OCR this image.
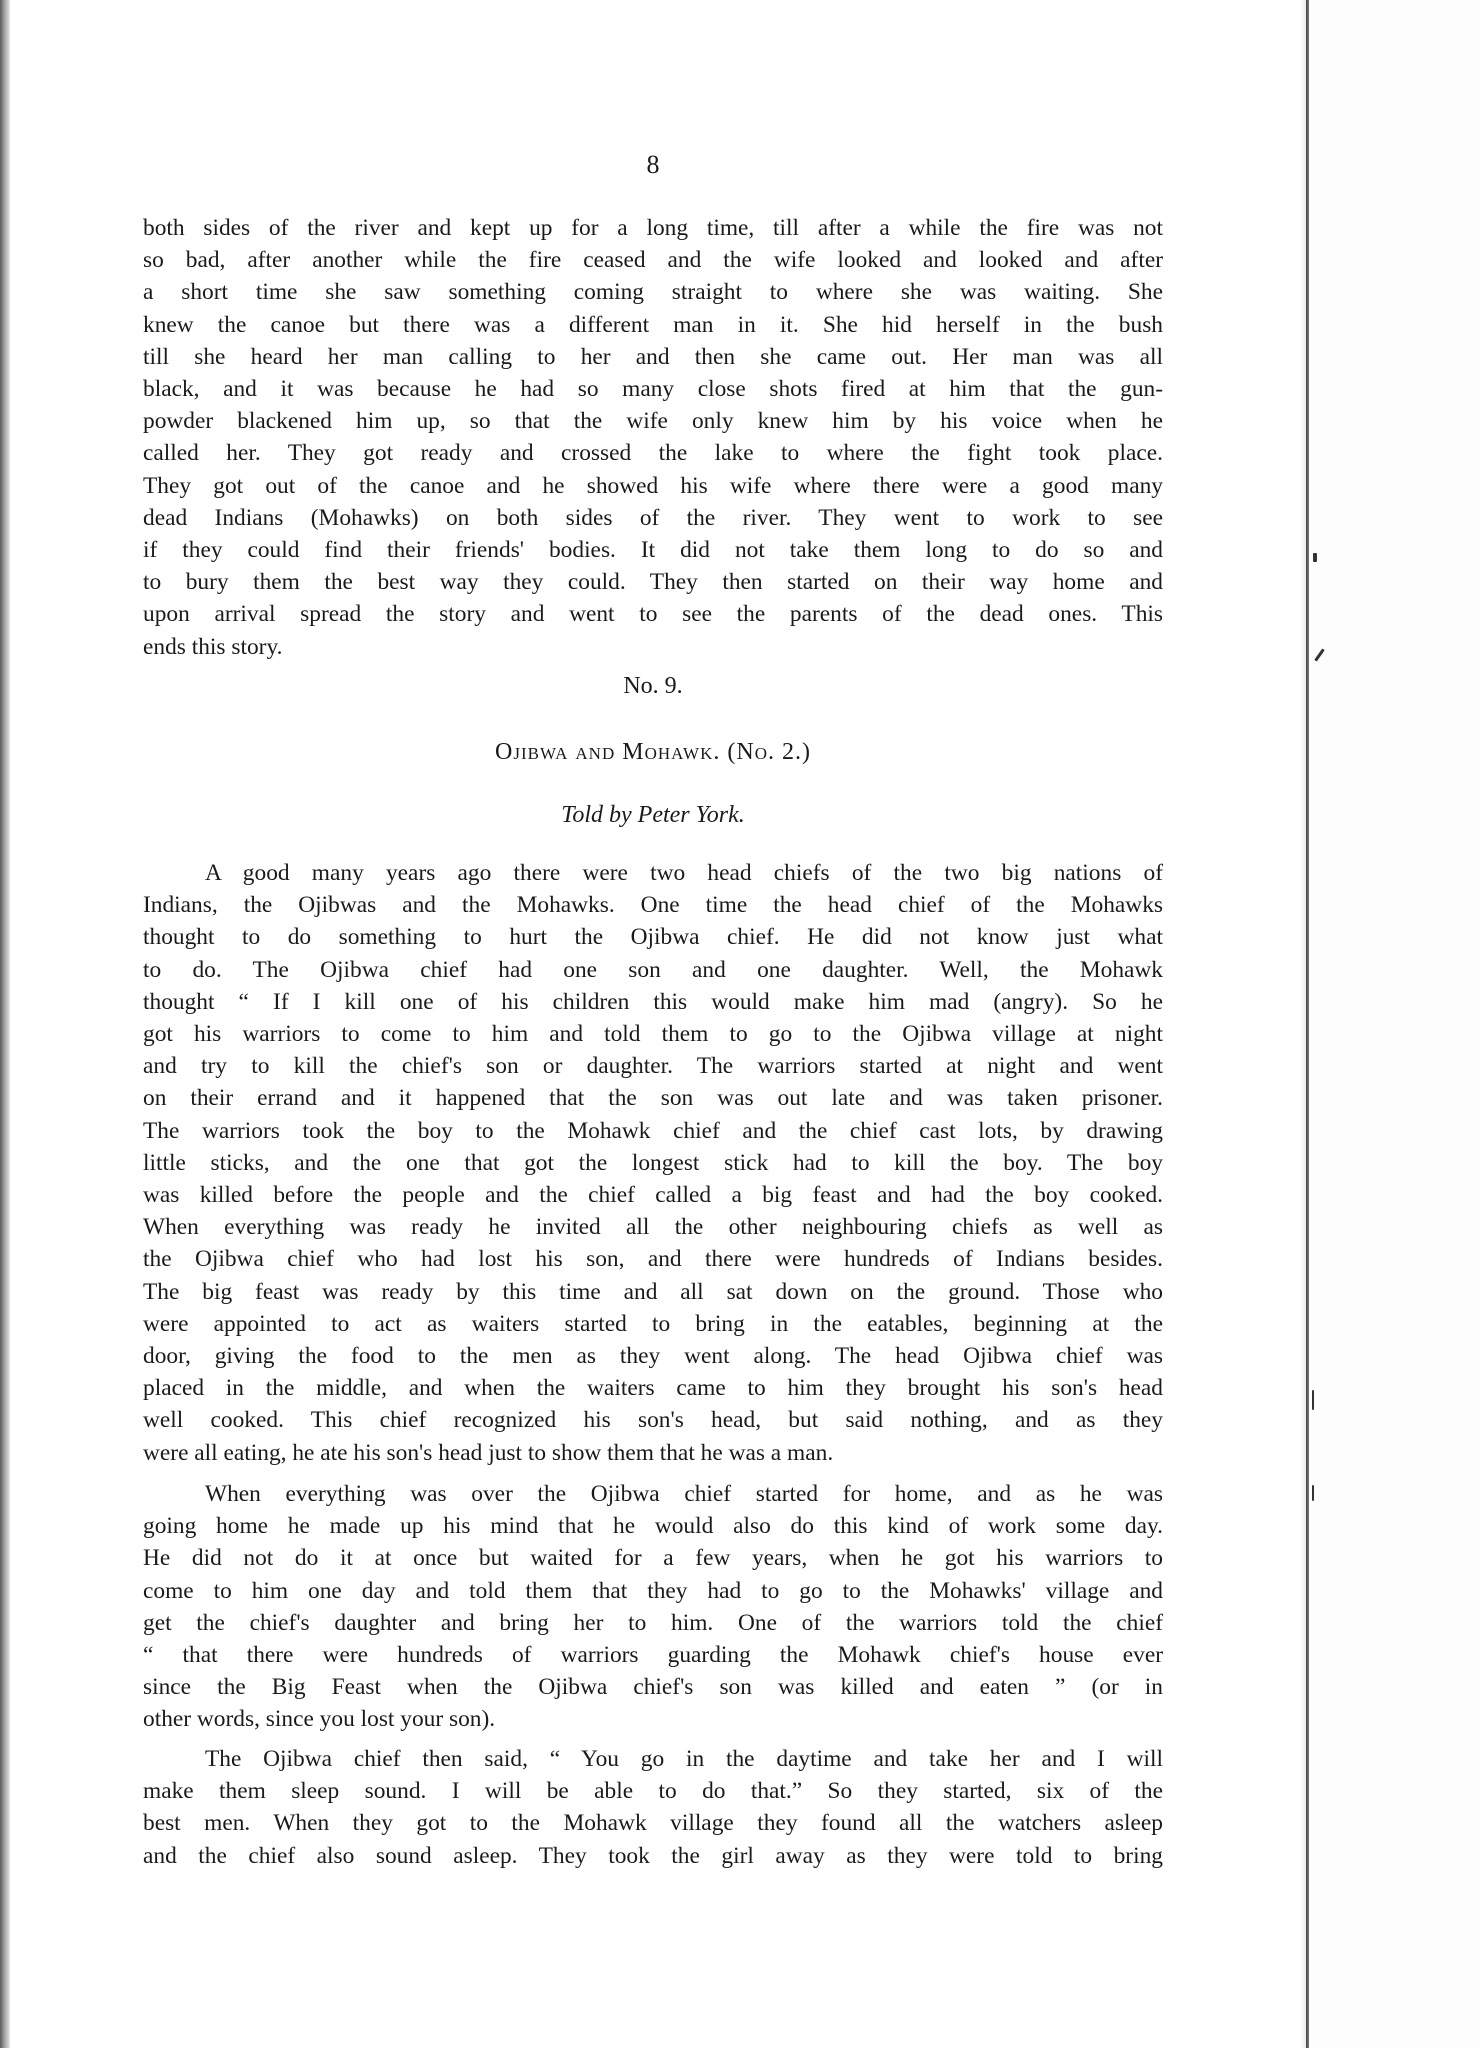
8

both sides of the river and kept up for a long time, till after a while the fire was not
so bad, after another while the fire ceased and the wife looked and looked and after
a short time she saw something coming straight to where she was waiting. She
knew the canoe but there was a different man in it. She hid herself in the bush
till she heard her man calling to her and then she came out. Her man was all
black, and it was because he had so many close shots fired at him that the gun-
powder blackened him up, so that the wife only knew him by his voice when he
called her. They got ready and crossed the lake to where the fight took place.
They got out of the canoe and he showed his wife where there were a good many
dead Indians (Mohawks) on both sides of the river. They went to work to see
if they could find their friends' bodies. It did not take them long to do so and
to bury them the best way they could. They then started on their way home and
upon arrival spread the story and went to see the parents of the dead ones. This
ends this story.

No. 9.
Ojibwa and Mohawk. (No. 2.)
Told by Peter York.

A good many years ago there were two head chiefs of the two big nations of
Indians, the Ojibwas and the Mohawks. One time the head chief of the Mohawks
thought to do something to hurt the Ojibwa chief. He did not know just what
to do. The Ojibwa chief had one son and one daughter. Well, the Mohawk
thought “ If I kill one of his children this would make him mad (angry). So he
got his warriors to come to him and told them to go to the Ojibwa village at night
and try to kill the chief's son or daughter. The warriors started at night and went
on their errand and it happened that the son was out late and was taken prisoner.
The warriors took the boy to the Mohawk chief and the chief cast lots, by drawing
little sticks, and the one that got the longest stick had to kill the boy. The boy
was killed before the people and the chief called a big feast and had the boy cooked.
When everything was ready he invited all the other neighbouring chiefs as well as
the Ojibwa chief who had lost his son, and there were hundreds of Indians besides.
The big feast was ready by this time and all sat down on the ground. Those who
were appointed to act as waiters started to bring in the eatables, beginning at the
door, giving the food to the men as they went along. The head Ojibwa chief was
placed in the middle, and when the waiters came to him they brought his son's head
well cooked. This chief recognized his son's head, but said nothing, and as they
were all eating, he ate his son's head just to show them that he was a man.

When everything was over the Ojibwa chief started for home, and as he was
going home he made up his mind that he would also do this kind of work some day.
He did not do it at once but waited for a few years, when he got his warriors to
come to him one day and told them that they had to go to the Mohawks' village and
get the chief's daughter and bring her to him. One of the warriors told the chief
“ that there were hundreds of warriors guarding the Mohawk chief's house ever
since the Big Feast when the Ojibwa chief's son was killed and eaten ” (or in
other words, since you lost your son).

The Ojibwa chief then said, “ You go in the daytime and take her and I will
make them sleep sound. I will be able to do that.” So they started, six of the
best men. When they got to the Mohawk village they found all the watchers asleep
and the chief also sound asleep. They took the girl away as they were told to bring
